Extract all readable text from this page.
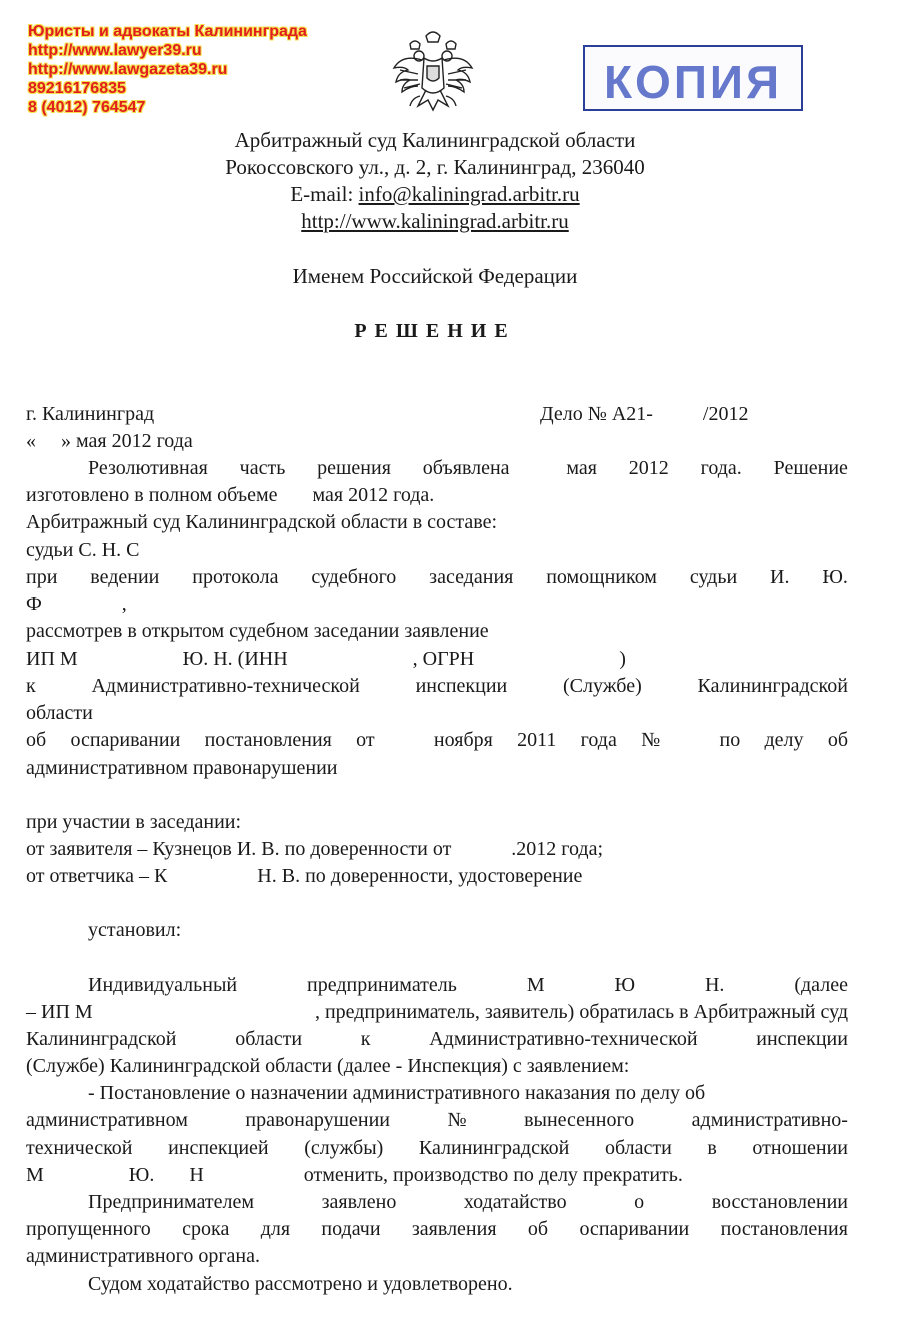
Юристы и адвокаты Калининграда
http://www.lawyer39.ru
http://www.lawgazeta39.ru
89216176835
8 (4012) 764547	КОПИЯ
Арбитражный суд Калининградской области
Рокоссовского ул., д. 2, г. Калининград, 236040
E-mail: info@kaliningrad.arbitr.ru
http://www.kaliningrad.arbitr.ru
Именем Российской Федерации
РЕШЕНИЕ
г. Калининград	Дело № А21-          /2012
«     » мая 2012 года
Резолютивная часть решения объявлена мая 2012 года. Решение
изготовлено в полном объеме       мая 2012 года.
Арбитражный суд Калининградской области в составе:
судьи С. Н. С
при ведении протокола судебного заседания помощником судьи И. Ю.
Ф                ,
рассмотрев в открытом судебном заседании заявление
ИП М                     Ю. Н. (ИНН                         , ОГРН                             )
к	Административно-технической	инспекции	(Службе)	Калининградской
области
об оспаривании постановления от ноября 2011 года № по делу об
административном правонарушении
при участии в заседании:
от заявителя – Кузнецов И. В. по доверенности от            .2012 года;
от ответчика – К                  Н. В. по доверенности, удостоверение
установил:
Индивидуальный	предприниматель	М	Ю	Н.	(далее
– ИП М	, предприниматель, заявитель) обратилась в Арбитражный суд
Калининградской	области	к	Административно-технической	инспекции
(Службе) Калининградской области (далее - Инспекция) с заявлением:
- Постановление о назначении административного наказания по делу об
административном	правонарушении	№	вынесенного	административно-
технической инспекцией (службы) Калининградской области в отношении
М                 Ю.       Н                    отменить, производство по делу прекратить.
Предпринимателем	заявлено	ходатайство	о	восстановлении
пропущенного срока для подачи заявления об оспаривании постановления
административного органа.
Судом ходатайство рассмотрено и удовлетворено.
